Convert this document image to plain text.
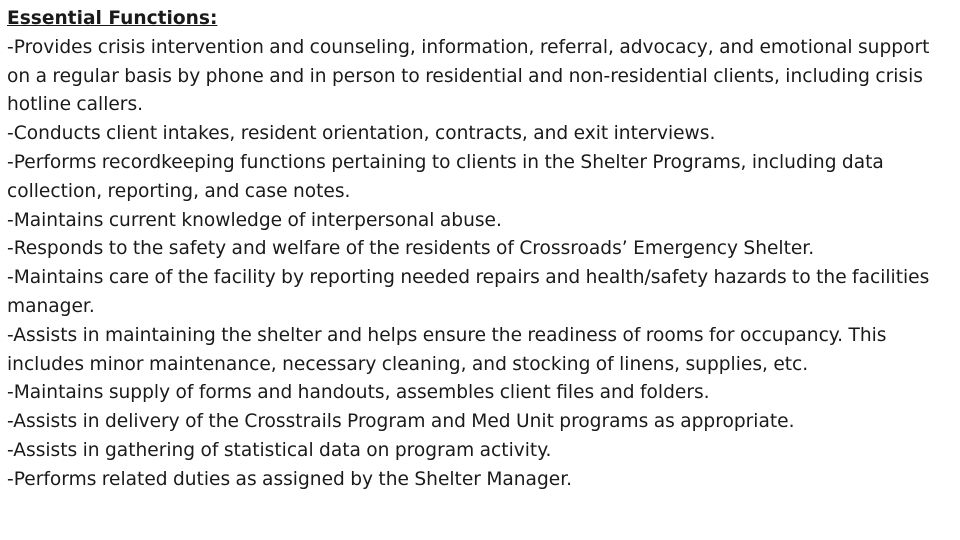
Essential Functions:
-Provides crisis intervention and counseling, information, referral, advocacy, and emotional support on a regular basis by phone and in person to residential and non-residential clients, including crisis hotline callers.
-Conducts client intakes, resident orientation, contracts, and exit interviews.
-Performs recordkeeping functions pertaining to clients in the Shelter Programs, including data collection, reporting, and case notes.
-Maintains current knowledge of interpersonal abuse.
-Responds to the safety and welfare of the residents of Crossroads’ Emergency Shelter.
-Maintains care of the facility by reporting needed repairs and health/safety hazards to the facilities manager.
-Assists in maintaining the shelter and helps ensure the readiness of rooms for occupancy. This includes minor maintenance, necessary cleaning, and stocking of linens, supplies, etc.
-Maintains supply of forms and handouts, assembles client files and folders.
-Assists in delivery of the Crosstrails Program and Med Unit programs as appropriate.
-Assists in gathering of statistical data on program activity.
-Performs related duties as assigned by the Shelter Manager.
